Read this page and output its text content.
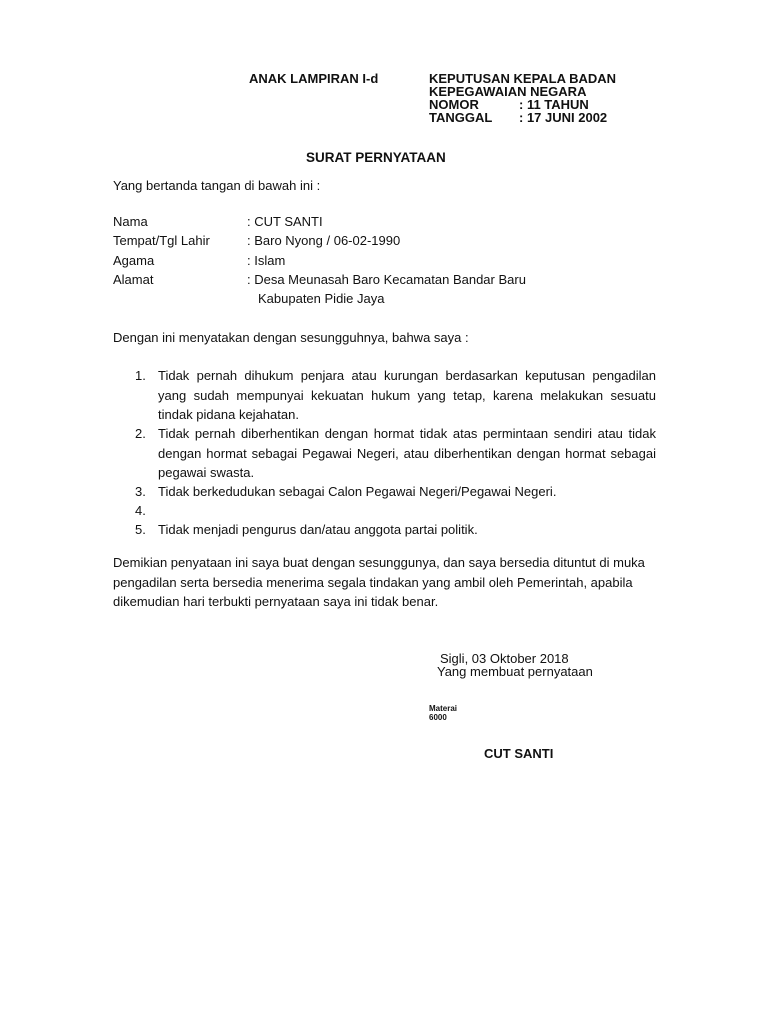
ANAK LAMPIRAN I-d	KEPUTUSAN KEPALA BADAN
KEPEGAWAIAN NEGARA
NOMOR	: 11 TAHUN
TANGGAL : 17 JUNI 2002
SURAT PERNYATAAN
Yang bertanda tangan di bawah ini :
Nama	: CUT SANTI
Tempat/Tgl Lahir	: Baro Nyong / 06-02-1990
Agama	: Islam
Alamat	: Desa Meunasah Baro Kecamatan Bandar Baru
Kabupaten Pidie Jaya
Dengan ini menyatakan dengan sesungguhnya, bahwa saya :
1. Tidak pernah dihukum penjara atau kurungan berdasarkan keputusan pengadilan yang sudah mempunyai kekuatan hukum yang tetap, karena melakukan sesuatu tindak pidana kejahatan.
2. Tidak pernah diberhentikan dengan hormat tidak atas permintaan sendiri atau tidak dengan hormat sebagai Pegawai Negeri, atau diberhentikan dengan hormat sebagai pegawai swasta.
3. Tidak berkedudukan sebagai Calon Pegawai Negeri/Pegawai Negeri.
4.
5. Tidak menjadi pengurus dan/atau anggota partai politik.
Demikian penyataan ini saya buat dengan sesunggunya, dan saya bersedia dituntut di muka pengadilan serta bersedia menerima segala tindakan yang ambil oleh Pemerintah, apabila dikemudian hari terbukti pernyataan saya ini tidak benar.
Sigli, 03 Oktober 2018
Yang membuat pernyataan
Materai
6000
CUT SANTI
